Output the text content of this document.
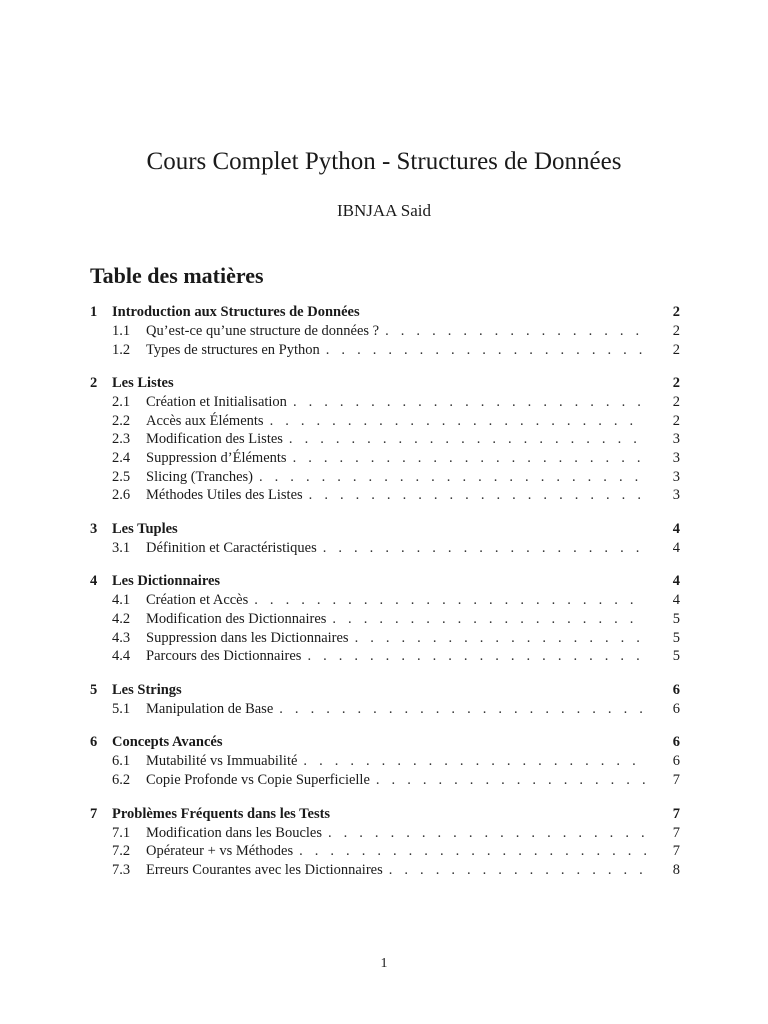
Cours Complet Python - Structures de Données
IBNJAA Said
Table des matières
1	Introduction aux Structures de Données	2
1.1	Qu’est-ce qu’une structure de données ? . . .	2
1.2	Types de structures en Python . . .	2
2	Les Listes	2
2.1	Création et Initialisation . . .	2
2.2	Accès aux Éléments . . .	2
2.3	Modification des Listes . . .	3
2.4	Suppression d’Éléments . . .	3
2.5	Slicing (Tranches) . . .	3
2.6	Méthodes Utiles des Listes . . .	3
3	Les Tuples	4
3.1	Définition et Caractéristiques . . .	4
4	Les Dictionnaires	4
4.1	Création et Accès . . .	4
4.2	Modification des Dictionnaires . . .	5
4.3	Suppression dans les Dictionnaires . . .	5
4.4	Parcours des Dictionnaires . . .	5
5	Les Strings	6
5.1	Manipulation de Base . . .	6
6	Concepts Avancés	6
6.1	Mutabilité vs Immuabilité . . .	6
6.2	Copie Profonde vs Copie Superficielle . . .	7
7	Problèmes Fréquents dans les Tests	7
7.1	Modification dans les Boucles . . .	7
7.2	Opérateur + vs Méthodes . . .	7
7.3	Erreurs Courantes avec les Dictionnaires . . .	8
1
